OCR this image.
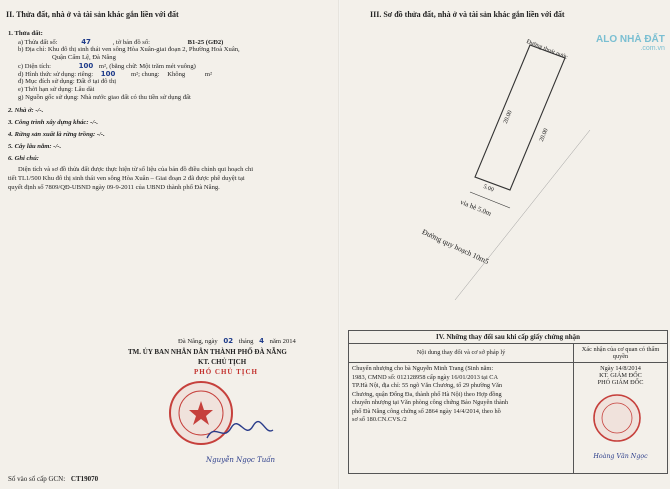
II. Thửa đất, nhà ở và tài sản khác gắn liền với đất
1. Thửa đất:
a) Thửa đất số:	47	, tờ bản đồ số:	B1-25 (GĐ2)
b) Địa chỉ: Khu đô thị sinh thái ven sông Hòa Xuân-giai đoạn 2, Phường Hoà Xuân,
Quận Cẩm Lệ, Đà Nẵng
c) Diện tích:	100 m², (bằng chữ: Một trăm mét vuông)
d) Hình thức sử dụng: riêng: 100 m²; chung: Không	m²
đ) Mục đích sử dụng: Đất ở tại đô thị
e) Thời hạn sử dụng: Lâu dài
g) Nguồn gốc sử dụng: Nhà nước giao đất có thu tiền sử dụng đất
2. Nhà ở: -/-.
3. Công trình xây dựng khác: -/-.
4. Rừng sản xuất là rừng trồng: -/-.
5. Cây lâu năm: -/-.
6. Ghi chú:
Diện tích và sơ đồ thửa đất được thực hiện từ số liệu của bản đồ điều chỉnh qui hoạch chi
tiết TL1/500 Khu đô thị sinh thái ven sông Hòa Xuân – Giai đoạn 2 đã được phê duyệt tại
quyết định số 7809/QĐ-UBND ngày 09-9-2011 của UBND thành phố Đà Nẵng.
Đà Nẵng, ngày 02 tháng 4 năm 2014
TM. ỦY BAN NHÂN DÂN THÀNH PHỐ ĐÀ NẴNG
KT. CHỦ TỊCH
PHÓ CHỦ TỊCH
Nguyễn Ngọc Tuấn
Số vào sổ cấp GCN: CT19070
III. Sơ đồ thửa đất, nhà ở và tài sản khác gắn liền với đất
ALO NHÀ ĐẤT
.com.vn
Đường thoát nước
20.00
20.00
5.00
vỉa hè 5.0m
Đường quy hoạch 10m5
IV. Những thay đổi sau khi cấp giấy chứng nhận
Nội dung thay đổi và cơ sở pháp lý	Xác nhận của cơ quan có thẩm quyền
Chuyển nhượng cho bà Nguyễn Minh Trang (Sinh năm:
1983, CMND số: 012128958 cấp ngày 16/01/2013 tại CA
TP.Hà Nội, địa chỉ: 55 ngõ Văn Chương, tổ 29 phường Văn
Chương, quận Đống Đa, thành phố Hà Nội) theo Hợp đồng
chuyển nhượng tại Văn phòng công chứng Bảo Nguyên thành
phố Đà Nẵng công chứng số 2864 ngày 14/4/2014, theo hồ
sơ số 180.CN.CVS./2
Ngày 14/8/2014
KT. GIÁM ĐỐC
PHÓ GIÁM ĐỐC
Hoàng Văn Ngọc
